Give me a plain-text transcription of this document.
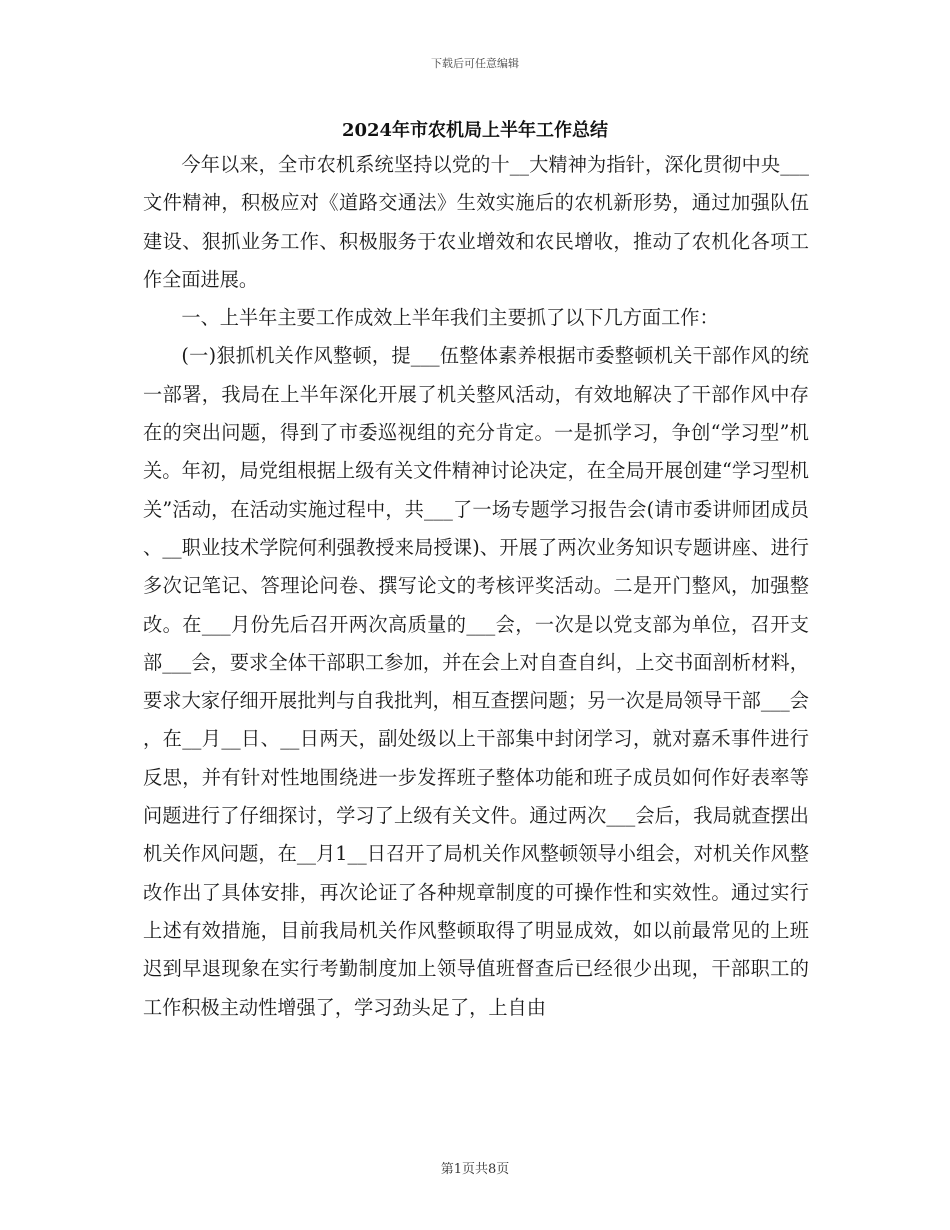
下载后可任意编辑
2024年市农机局上半年工作总结

今年以来，全市农机系统坚持以党的十__大精神为指针，深化贯彻中央___文件精神，积极应对《道路交通法》生效实施后的农机新形势，通过加强队伍建设、狠抓业务工作、积极服务于农业增效和农民增收，推动了农机化各项工作全面进展。

一、上半年主要工作成效上半年我们主要抓了以下几方面工作：

(一)狠抓机关作风整顿，提___伍整体素养根据市委整顿机关干部作风的统一部署，我局在上半年深化开展了机关整风活动，有效地解决了干部作风中存在的突出问题，得到了市委巡视组的充分肯定。一是抓学习，争创“学习型”机关。年初，局党组根据上级有关文件精神讨论决定，在全局开展创建“学习型机关”活动，在活动实施过程中，共___了一场专题学习报告会(请市委讲师团成员、__职业技术学院何利强教授来局授课)、开展了两次业务知识专题讲座、进行多次记笔记、答理论问卷、撰写论文的考核评奖活动。二是开门整风，加强整改。在___月份先后召开两次高质量的___会，一次是以党支部为单位，召开支部___会，要求全体干部职工参加，并在会上对自查自纠，上交书面剖析材料，要求大家仔细开展批判与自我批判，相互查摆问题；另一次是局领导干部___会，在__月__日、__日两天，副处级以上干部集中封闭学习，就对嘉禾事件进行反思，并有针对性地围绕进一步发挥班子整体功能和班子成员如何作好表率等问题进行了仔细探讨，学习了上级有关文件。通过两次___会后，我局就查摆出机关作风问题，在__月1__日召开了局机关作风整顿领导小组会，对机关作风整改作出了具体安排，再次论证了各种规章制度的可操作性和实效性。通过实行上述有效措施，目前我局机关作风整顿取得了明显成效，如以前最常见的上班迟到早退现象在实行考勤制度加上领导值班督查后已经很少出现，干部职工的工作积极主动性增强了，学习劲头足了，上自由

第1页共8页
